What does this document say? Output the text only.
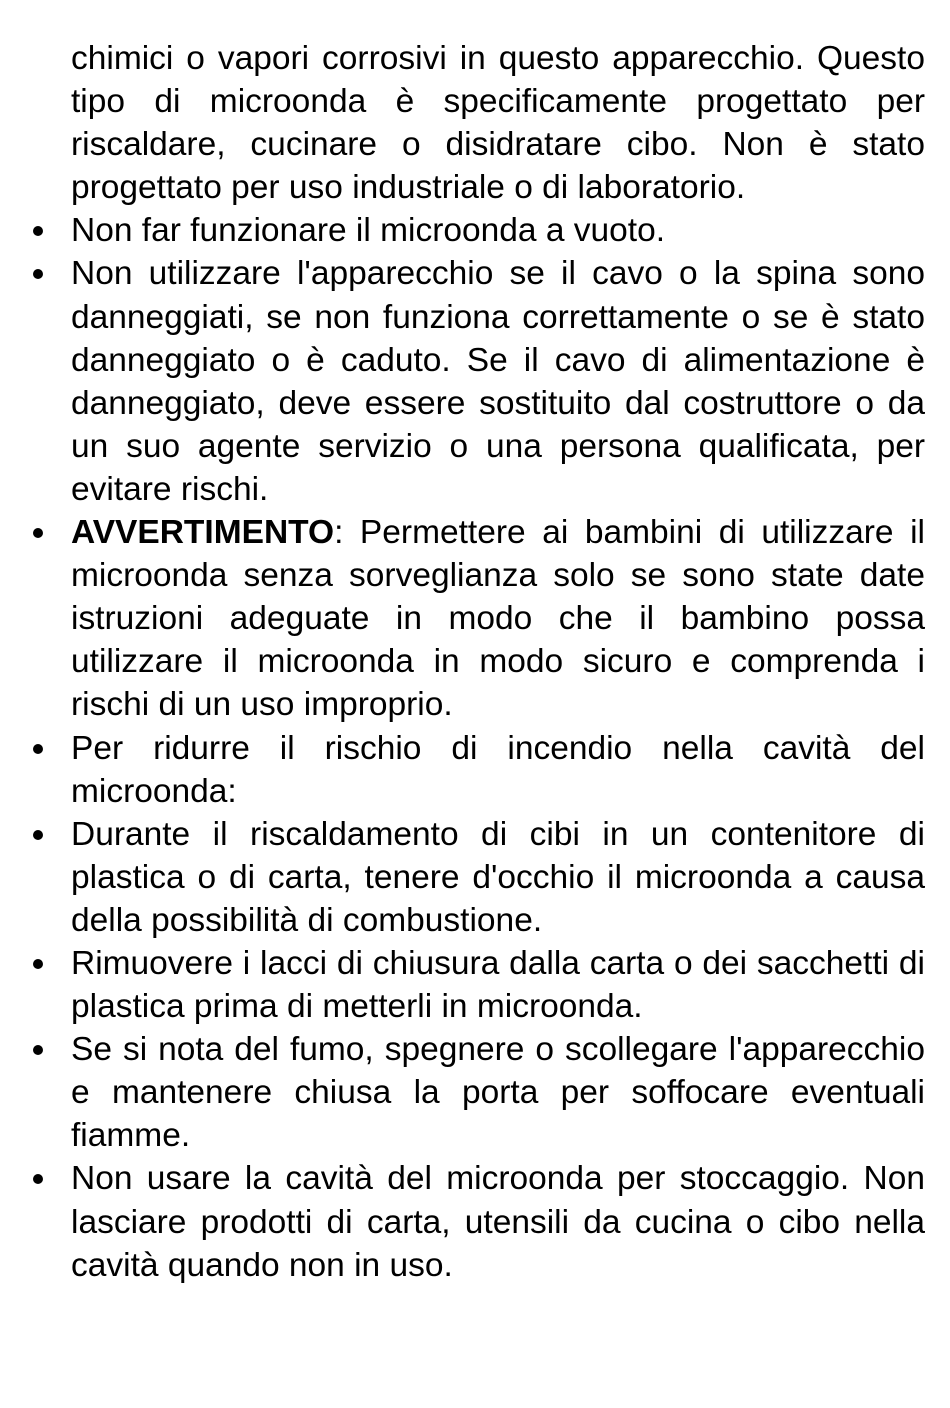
chimici o vapori corrosivi in questo apparecchio. Questo tipo di microonda è specificamente progettato per riscaldare, cucinare o disidratare cibo. Non è stato progettato per uso industriale o di laboratorio.

Non far funzionare il microonda a vuoto.
Non utilizzare l'apparecchio se il cavo o la spina sono danneggiati, se non funziona correttamente o se è stato danneggiato o è caduto. Se il cavo di alimentazione è danneggiato, deve essere sostituito dal costruttore o da un suo agente servizio o una persona qualificata, per evitare rischi.
AVVERTIMENTO: Permettere ai bambini di utilizzare il microonda senza sorveglianza solo se sono state date istruzioni adeguate in modo che il bambino possa utilizzare il microonda in modo sicuro e comprenda i rischi di un uso improprio.
Per ridurre il rischio di incendio nella cavità del microonda:
Durante il riscaldamento di cibi in un contenitore di plastica o di carta, tenere d'occhio il microonda a causa della possibilità di combustione.
Rimuovere i lacci di chiusura dalla carta o dei sacchetti di plastica prima di metterli in microonda.
Se si nota del fumo, spegnere o scollegare l'apparecchio e mantenere chiusa la porta per soffocare eventuali fiamme.
Non usare la cavità del microonda per stoccaggio. Non lasciare prodotti di carta, utensili da cucina o cibo nella cavità quando non in uso.
